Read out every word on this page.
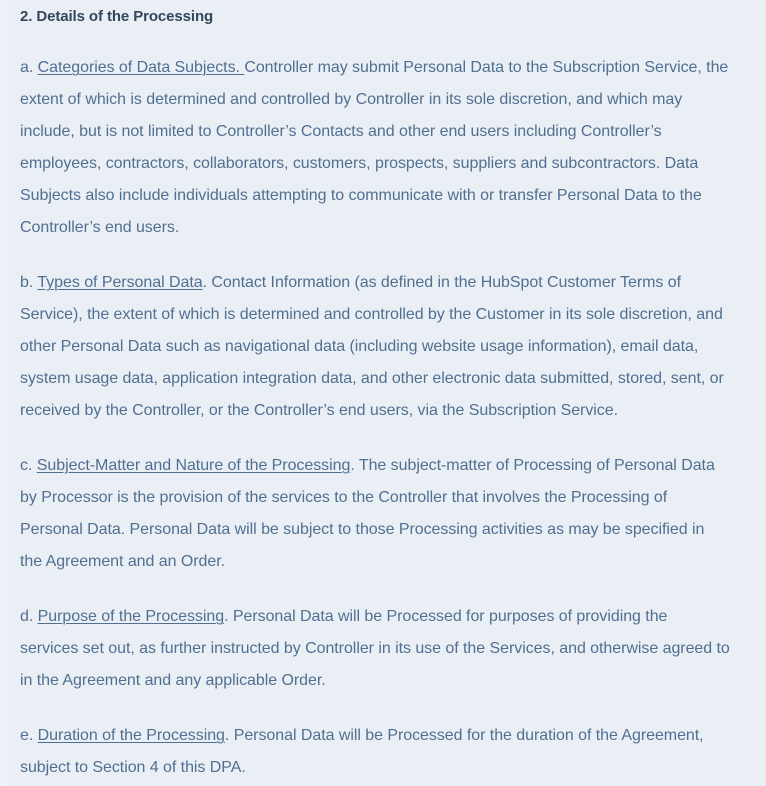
2. Details of the Processing

a. Categories of Data Subjects. Controller may submit Personal Data to the Subscription Service, the extent of which is determined and controlled by Controller in its sole discretion, and which may include, but is not limited to Controller’s Contacts and other end users including Controller’s employees, contractors, collaborators, customers, prospects, suppliers and subcontractors. Data Subjects also include individuals attempting to communicate with or transfer Personal Data to the Controller’s end users.

b. Types of Personal Data. Contact Information (as defined in the HubSpot Customer Terms of Service), the extent of which is determined and controlled by the Customer in its sole discretion, and other Personal Data such as navigational data (including website usage information), email data, system usage data, application integration data, and other electronic data submitted, stored, sent, or received by the Controller, or the Controller’s end users, via the Subscription Service.

c. Subject-Matter and Nature of the Processing. The subject-matter of Processing of Personal Data by Processor is the provision of the services to the Controller that involves the Processing of Personal Data. Personal Data will be subject to those Processing activities as may be specified in the Agreement and an Order.

d. Purpose of the Processing. Personal Data will be Processed for purposes of providing the services set out, as further instructed by Controller in its use of the Services, and otherwise agreed to in the Agreement and any applicable Order.

e. Duration of the Processing. Personal Data will be Processed for the duration of the Agreement, subject to Section 4 of this DPA.
